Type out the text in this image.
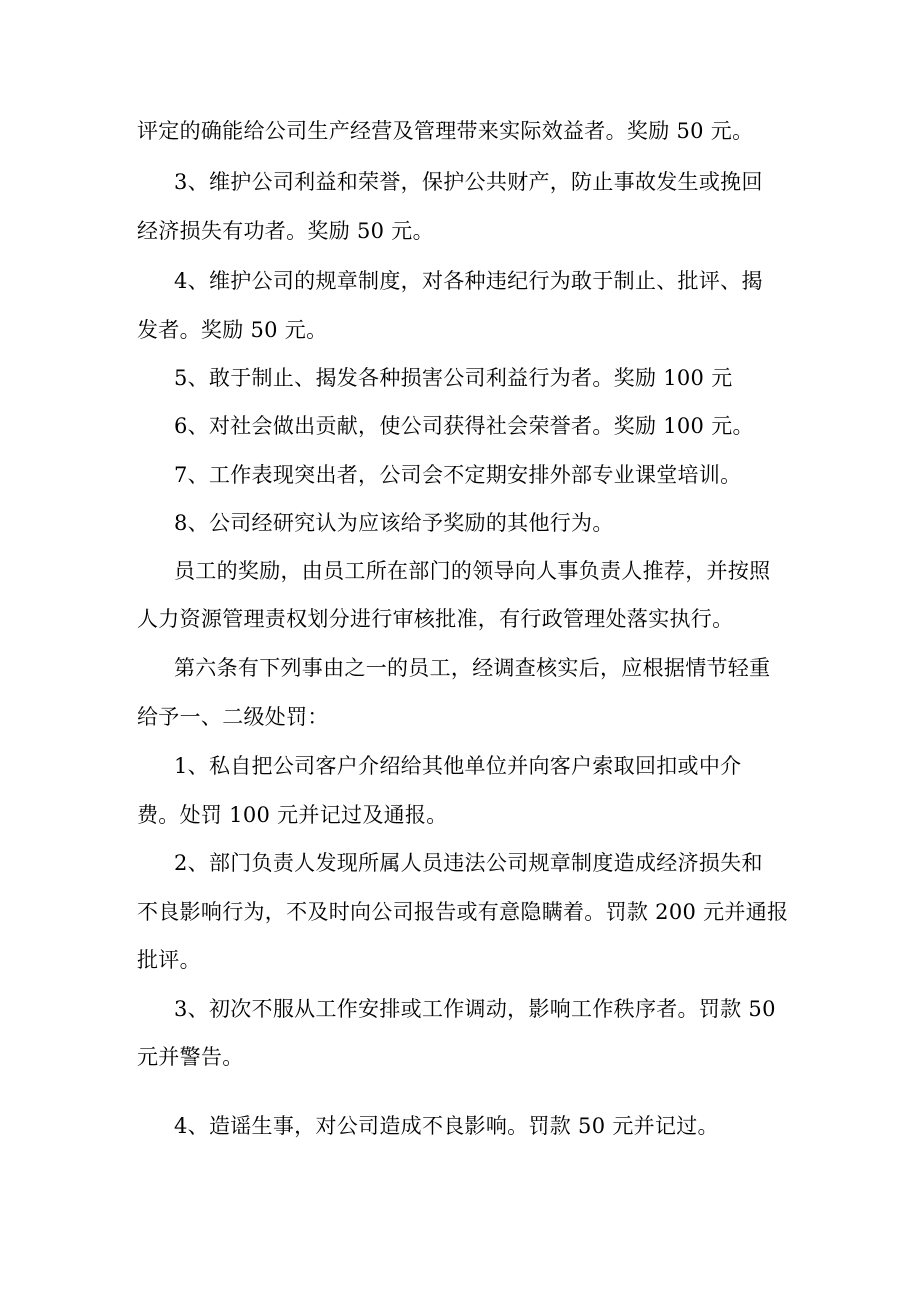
评定的确能给公司生产经营及管理带来实际效益者。奖励 50 元。
3、维护公司利益和荣誉，保护公共财产，防止事故发生或挽回
经济损失有功者。奖励 50 元。
4、维护公司的规章制度，对各种违纪行为敢于制止、批评、揭
发者。奖励 50 元。
5、敢于制止、揭发各种损害公司利益行为者。奖励 100 元
6、对社会做出贡献，使公司获得社会荣誉者。奖励 100 元。
7、工作表现突出者，公司会不定期安排外部专业课堂培训。
8、公司经研究认为应该给予奖励的其他行为。
员工的奖励，由员工所在部门的领导向人事负责人推荐，并按照
人力资源管理责权划分进行审核批准，有行政管理处落实执行。
第六条有下列事由之一的员工，经调查核实后，应根据情节轻重
给予一、二级处罚：
1、私自把公司客户介绍给其他单位并向客户索取回扣或中介
费。处罚 100 元并记过及通报。
2、部门负责人发现所属人员违法公司规章制度造成经济损失和
不良影响行为，不及时向公司报告或有意隐瞒着。罚款 200 元并通报
批评。
3、初次不服从工作安排或工作调动，影响工作秩序者。罚款 50
元并警告。
4、造谣生事，对公司造成不良影响。罚款 50 元并记过。
